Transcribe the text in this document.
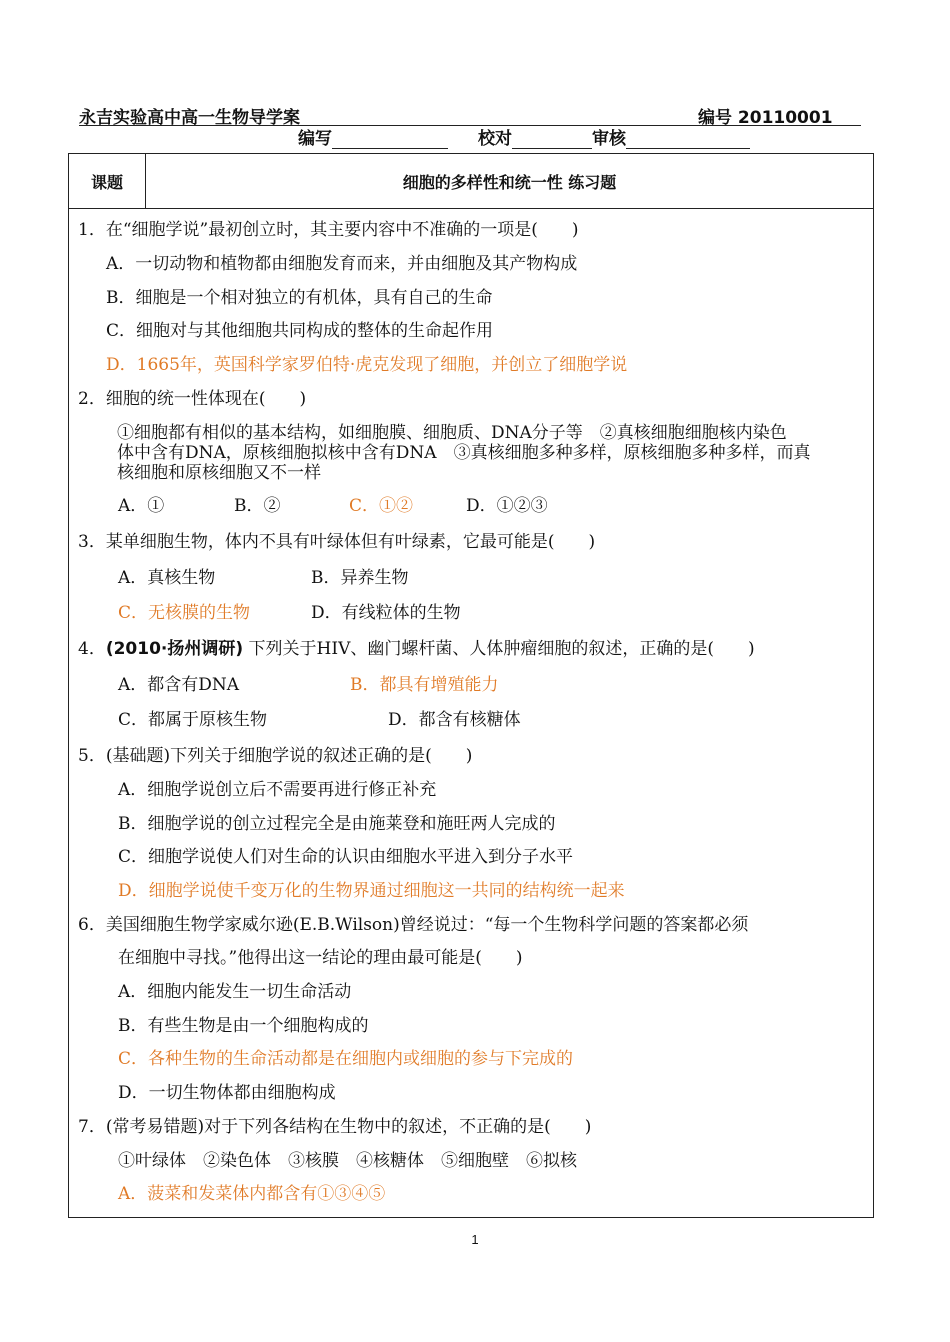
永吉实验高中高一生物导学案	编号 20110001
编写	校对	审核
课题	细胞的多样性和统一性 练习题
1．在“细胞学说”最初创立时，其主要内容中不准确的一项是(　　)
A．一切动物和植物都由细胞发育而来，并由细胞及其产物构成
B．细胞是一个相对独立的有机体，具有自己的生命
C．细胞对与其他细胞共同构成的整体的生命起作用
D．1665年，英国科学家罗伯特·虎克发现了细胞，并创立了细胞学说
2．细胞的统一性体现在(　　)
①细胞都有相似的基本结构，如细胞膜、细胞质、DNA分子等　②真核细胞细胞核内染色
体中含有DNA，原核细胞拟核中含有DNA　③真核细胞多种多样，原核细胞多种多样，而真
核细胞和原核细胞又不一样
A．①	B．②	C．①②	D．①②③
3．某单细胞生物，体内不具有叶绿体但有叶绿素，它最可能是(　　)
A．真核生物	B．异养生物
C．无核膜的生物	D．有线粒体的生物
4．(2010·扬州调研) 下列关于HIV、幽门螺杆菌、人体肿瘤细胞的叙述，正确的是(　　)
A．都含有DNA	B．都具有增殖能力
C．都属于原核生物	D．都含有核糖体
5．(基础题)下列关于细胞学说的叙述正确的是(　　)
A．细胞学说创立后不需要再进行修正补充
B．细胞学说的创立过程完全是由施莱登和施旺两人完成的
C．细胞学说使人们对生命的认识由细胞水平进入到分子水平
D．细胞学说使千变万化的生物界通过细胞这一共同的结构统一起来
6．美国细胞生物学家威尔逊(E.B.Wilson)曾经说过：“每一个生物科学问题的答案都必须
在细胞中寻找。”他得出这一结论的理由最可能是(　　)
A．细胞内能发生一切生命活动
B．有些生物是由一个细胞构成的
C．各种生物的生命活动都是在细胞内或细胞的参与下完成的
D．一切生物体都由细胞构成
7．(常考易错题)对于下列各结构在生物中的叙述，不正确的是(　　)
①叶绿体　②染色体　③核膜　④核糖体　⑤细胞壁　⑥拟核
A．菠菜和发菜体内都含有①③④⑤
1
